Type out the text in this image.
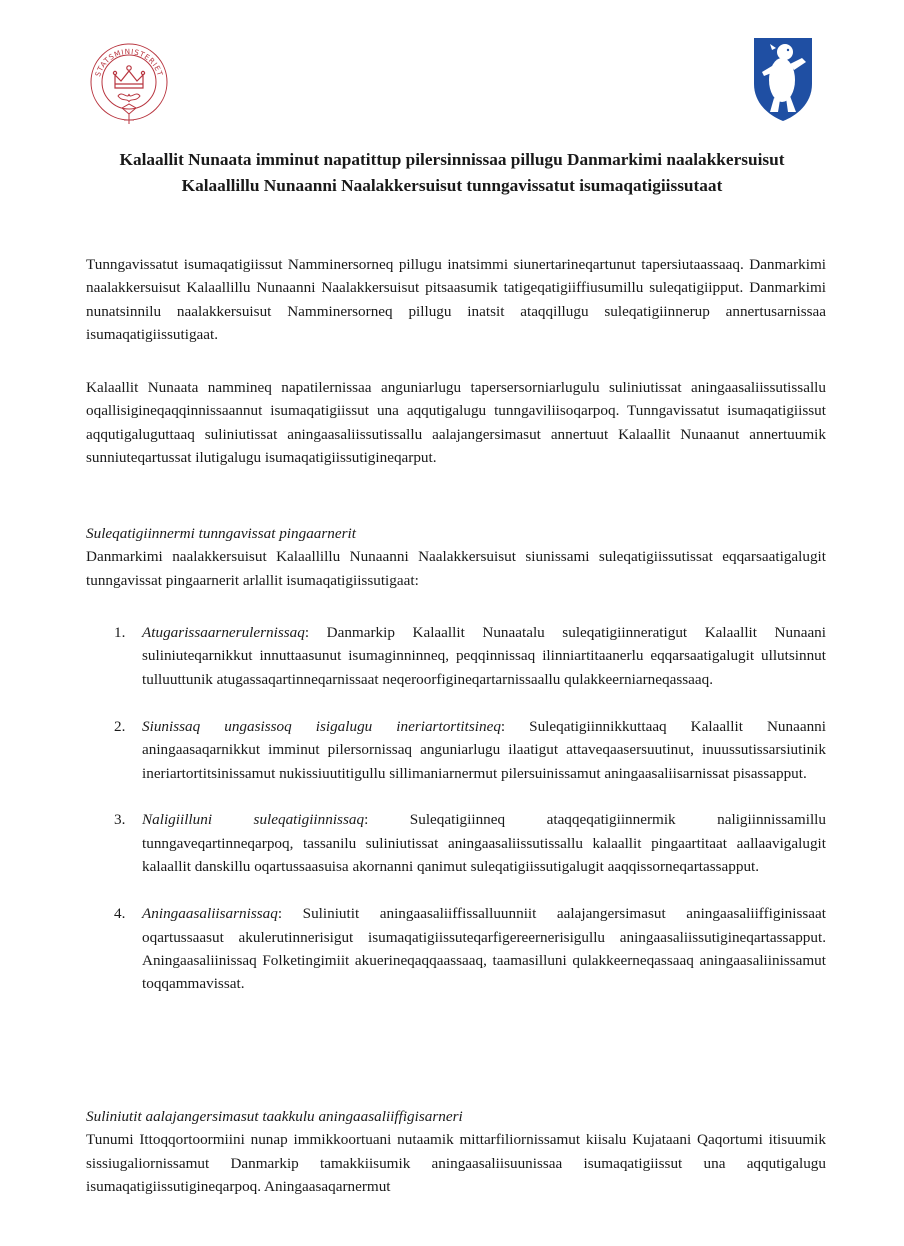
STATSMINISTERIET
Kalaallit Nunaata imminut napatittup pilersinnissaa pillugu Danmarkimi naalakkersuisut Kalaallillu Nunaanni Naalakkersuisut tunngavissatut isumaqatigiissutaat

Tunngavissatut isumaqatigiissut Namminersorneq pillugu inatsimmi siunertarineqartunut tapersiutaassaaq. Danmarkimi naalakkersuisut Kalaallillu Nunaanni Naalakkersuisut pitsaasumik tatigeqatigiiffiusumillu suleqatigiipput. Danmarkimi nunatsinnilu naalakkersuisut Namminersorneq pillugu inatsit ataqqillugu suleqatigiinnerup annertusarnissaa isumaqatigiissutigaat.

Kalaallit Nunaata nammineq napatilernissaa anguniarlugu tapersersorniarlugulu suliniutissat aningaasaliissutissallu oqallisigineqaqqinnissaannut isumaqatigiissut una aqqutigalugu tunngaviliisoqarpoq. Tunngavissatut isumaqatigiissut aqqutigaluguttaaq suliniutissat aningaasaliissutissallu aalajangersimasut annertuut Kalaallit Nunaanut annertuumik sunniuteqartussat ilutigalugu isumaqatigiissutigineqarput.

Suleqatigiinnermi tunngavissat pingaarnerit

Danmarkimi naalakkersuisut Kalaallillu Nunaanni Naalakkersuisut siunissami suleqatigiissutissat eqqarsaatigalugit tunngavissat pingaarnerit arlallit isumaqatigiissutigaat:

1. Atugarissaarnerulernissaq: Danmarkip Kalaallit Nunaatalu suleqatigiinneratigut Kalaallit Nunaani suliniuteqarnikkut innuttaasunut isumaginninneq, peqqinnissaq ilinniartitaanerlu eqqarsaatigalugit ullutsinnut tulluuttunik atugassaqartinneqarnissaat neqeroorfigineqartarnissaallu qulakkeerniarneqassaaq.
2. Siunissaq ungasissoq isigalugu ineriartortitsineq: Suleqatigiinnikkuttaaq Kalaallit Nunaanni aningaasaqarnikkut imminut pilersornissaq anguniarlugu ilaatigut attaveqaasersuutinut, inuussutissarsiutinik ineriartortitsinissamut nukissiuutitigullu sillimaniarnermut pilersuinissamut aningaasaliisarnissat pisassapput.
3. Naligiilluni suleqatigiinnissaq: Suleqatigiinneq ataqqeqatigiinnermik naligiinnissamillu tunngaveqartinneqarpoq, tassanilu suliniutissat aningaasaliissutissallu kalaallit pingaartitaat aallaavigalugit kalaallit danskillu oqartussaasuisa akornanni qanimut suleqatigiissutigalugit aaqqissorneqartassapput.
4. Aningaasaliisarnissaq: Suliniutit aningaasaliiffissalluunniit aalajangersimasut aningaasaliiffiginissaat oqartussaasut akulerutinnerisigut isumaqatigiissuteqarfigereernerisigullu aningaasaliissutigineqartassapput. Aningaasaliinissaq Folketingimiit akuerineqaqqaassaaq, taamasilluni qulakkeerneqassaaq aningaasaliinissamut toqqammavissat.

Suliniutit aalajangersimasut taakkulu aningaasaliiffigisarneri

Tunumi Ittoqqortoormiini nunap immikkoortuani nutaamik mittarfiliornissamut kiisalu Kujataani Qaqortumi itisuumik sissiugaliornissamut Danmarkip tamakkiisumik aningaasaliisuunissaa isumaqatigiissut una aqqutigalugu isumaqatigiissutigineqarpoq. Aningaasaqarnermut
